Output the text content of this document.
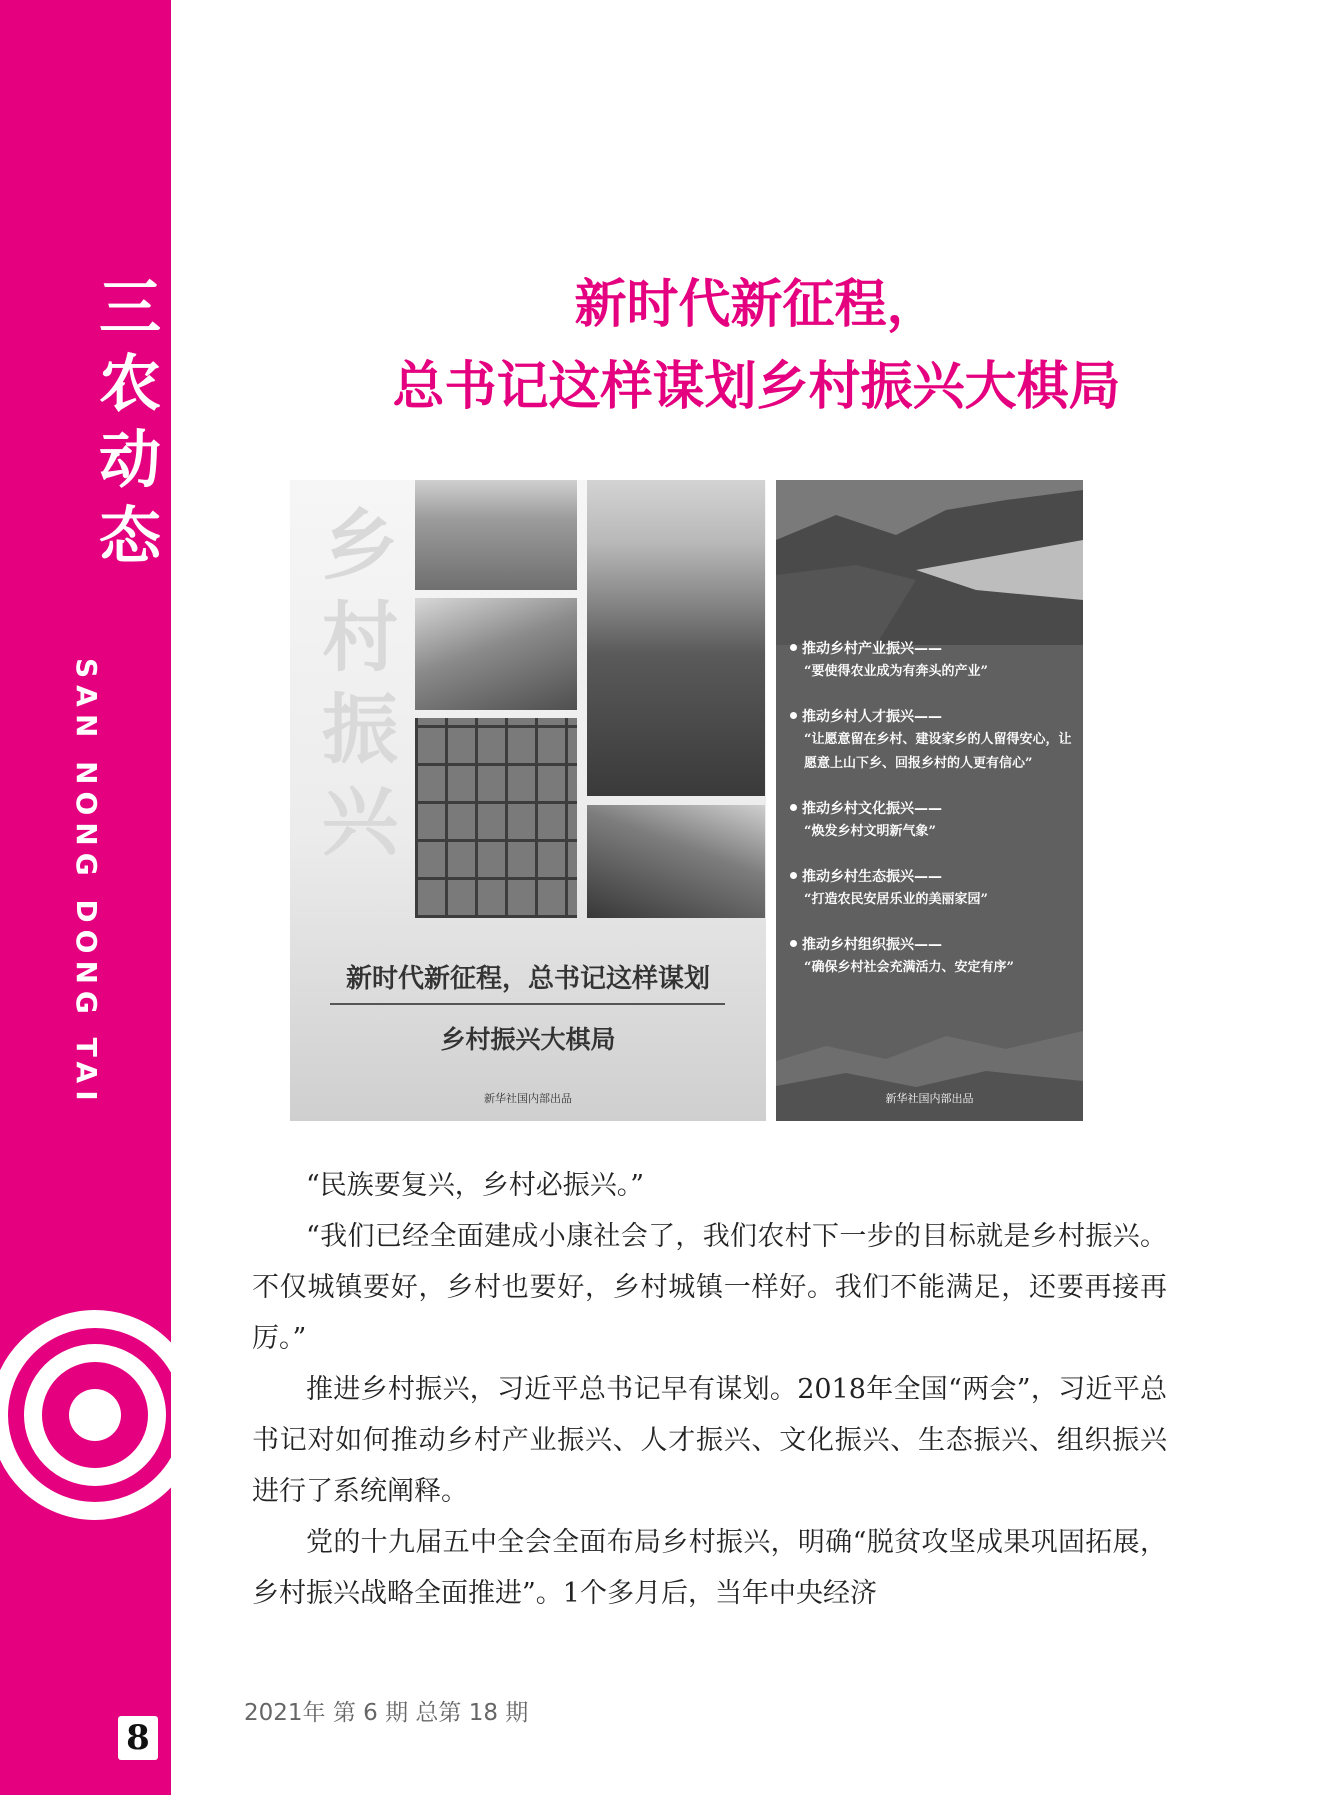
三
农
动
态
SAN NONG DONG TAI
8
新时代新征程，
总书记这样谋划乡村振兴大棋局
乡
村
振
兴
新时代新征程，总书记这样谋划
乡村振兴大棋局
新华社国内部出品
推动乡村产业振兴——
“要使得农业成为有奔头的产业”
推动乡村人才振兴——
“让愿意留在乡村、建设家乡的人留得安心，让愿意上山下乡、回报乡村的人更有信心”
推动乡村文化振兴——
“焕发乡村文明新气象”
推动乡村生态振兴——
“打造农民安居乐业的美丽家园”
推动乡村组织振兴——
“确保乡村社会充满活力、安定有序”
新华社国内部出品

“民族要复兴，乡村必振兴。”

“我们已经全面建成小康社会了，我们农村下一步的目标就是乡村振兴。不仅城镇要好，乡村也要好，乡村城镇一样好。我们不能满足，还要再接再厉。”

推进乡村振兴，习近平总书记早有谋划。2018年全国“两会”，习近平总书记对如何推动乡村产业振兴、人才振兴、文化振兴、生态振兴、组织振兴进行了系统阐释。

党的十九届五中全会全面布局乡村振兴，明确“脱贫攻坚成果巩固拓展，乡村振兴战略全面推进”。1个多月后，当年中央经济

2021年 第 6 期 总第 18 期
